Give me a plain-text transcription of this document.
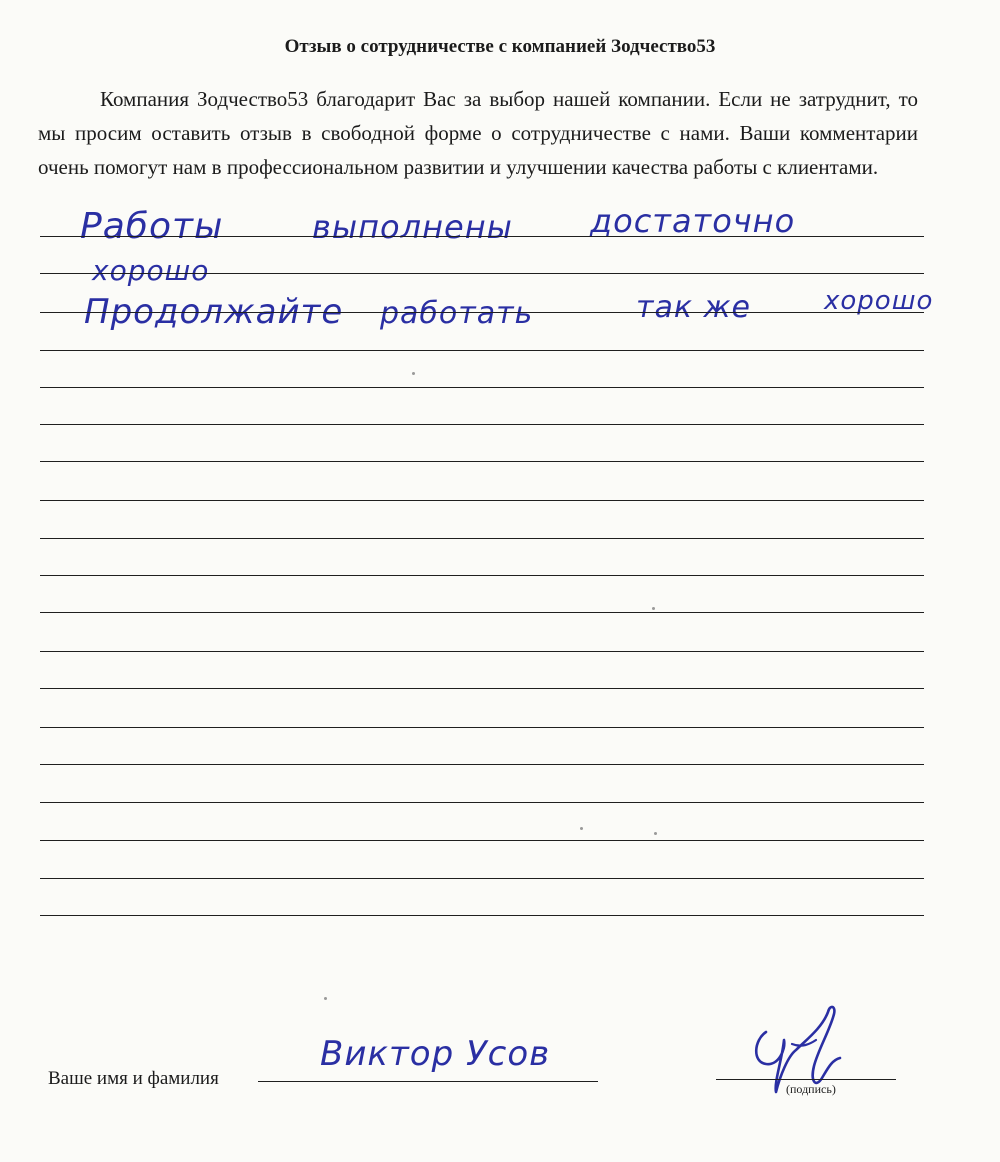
Отзыв о сотрудничестве с компанией Зодчество53

Компания Зодчество53 благодарит Вас за выбор нашей компании. Если не затруднит, то мы просим оставить отзыв в свободной форме о сотрудничестве с нами. Ваши комментарии очень помогут нам в профессиональном развитии и улучшении качества работы с клиентами.

Работы	выполнены достаточно
хорошо
Продолжайте работать	так же	хорошо
Ваше имя и фамилия
Виктор Усов
(подпись)
